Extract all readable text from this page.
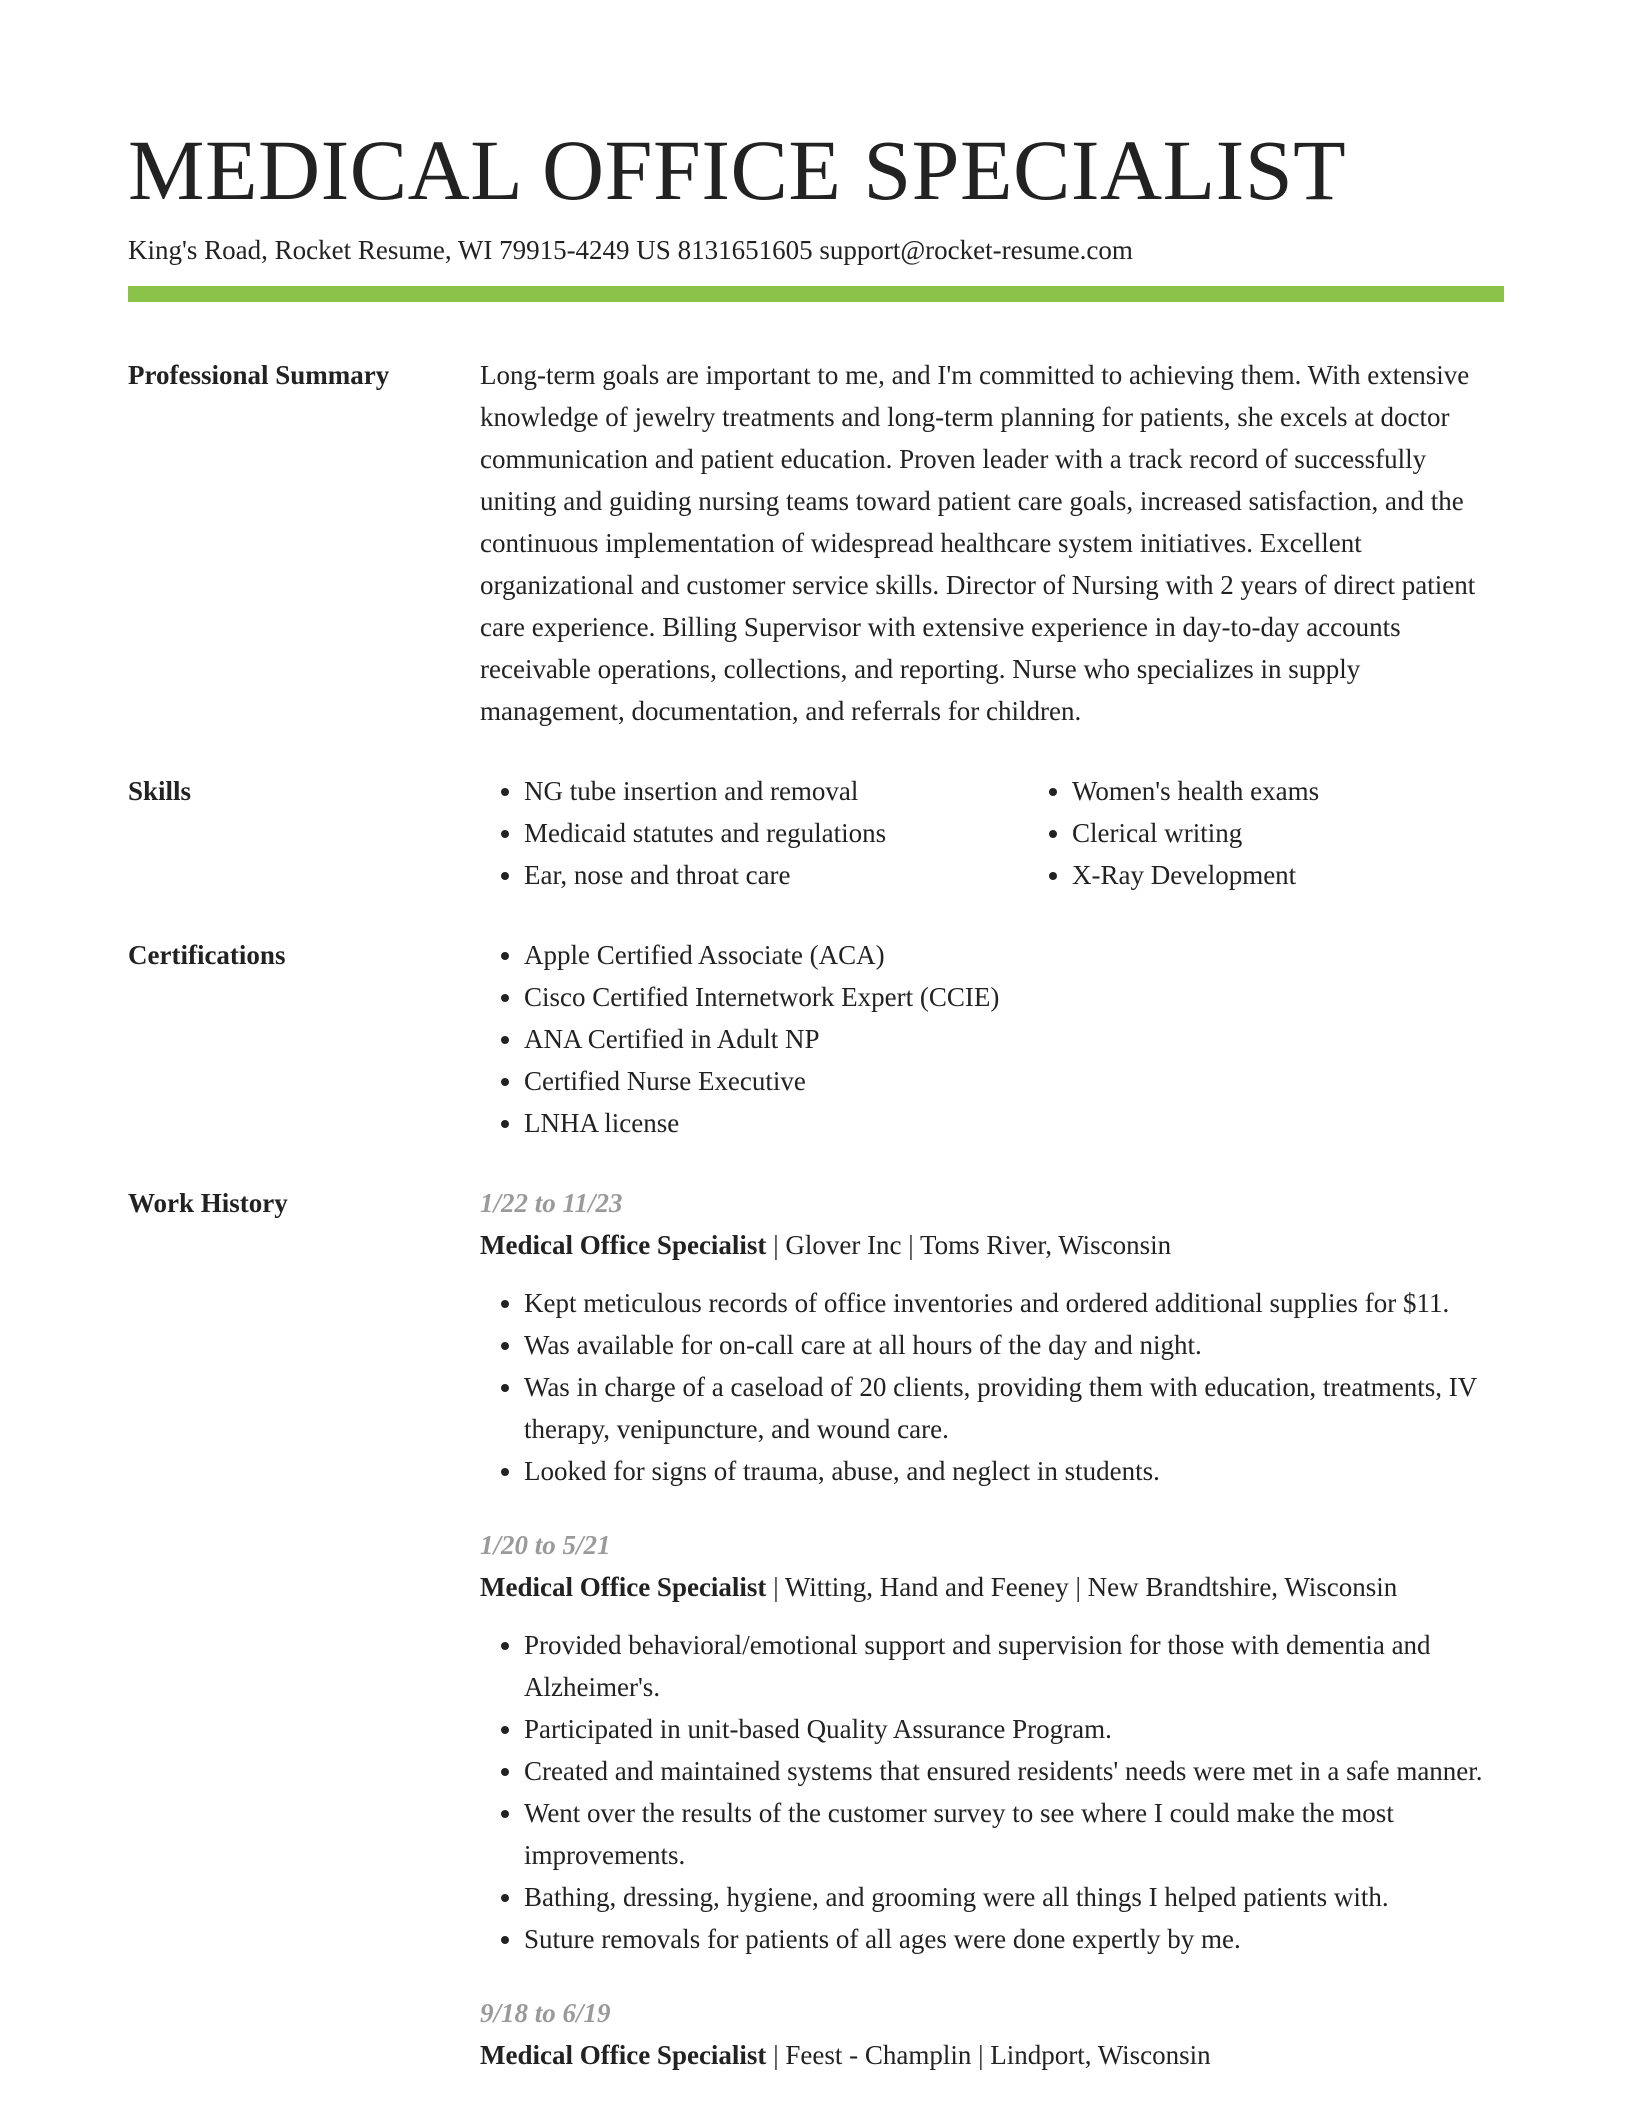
MEDICAL OFFICE SPECIALIST
King's Road, Rocket Resume, WI 79915-4249 US 8131651605 support@rocket-resume.com
Professional Summary	Long-term goals are important to me, and I'm committed to achieving them. With extensive knowledge of jewelry treatments and long-term planning for patients, she excels at doctor communication and patient education. Proven leader with a track record of successfully uniting and guiding nursing teams toward patient care goals, increased satisfaction, and the continuous implementation of widespread healthcare system initiatives. Excellent organizational and customer service skills. Director of Nursing with 2 years of direct patient care experience. Billing Supervisor with extensive experience in day-to-day accounts receivable operations, collections, and reporting. Nurse who specializes in supply management, documentation, and referrals for children.

Skills	• NG tube insertion and removal
• Medicaid statutes and regulations
• Ear, nose and throat care
• Women's health exams
• Clerical writing
• X-Ray Development
Certifications	• Apple Certified Associate (ACA)
• Cisco Certified Internetwork Expert (CCIE)
• ANA Certified in Adult NP
• Certified Nurse Executive
• LNHA license
Work History	1/22 to 11/23
Medical Office Specialist | Glover Inc | Toms River, Wisconsin
• Kept meticulous records of office inventories and ordered additional supplies for $11.
• Was available for on-call care at all hours of the day and night.
• Was in charge of a caseload of 20 clients, providing them with education, treatments, IV therapy, venipuncture, and wound care.
• Looked for signs of trauma, abuse, and neglect in students.
1/20 to 5/21
Medical Office Specialist | Witting, Hand and Feeney | New Brandtshire, Wisconsin
• Provided behavioral/emotional support and supervision for those with dementia and Alzheimer's.
• Participated in unit-based Quality Assurance Program.
• Created and maintained systems that ensured residents' needs were met in a safe manner.
• Went over the results of the customer survey to see where I could make the most improvements.
• Bathing, dressing, hygiene, and grooming were all things I helped patients with.
• Suture removals for patients of all ages were done expertly by me.
9/18 to 6/19
Medical Office Specialist | Feest - Champlin | Lindport, Wisconsin
